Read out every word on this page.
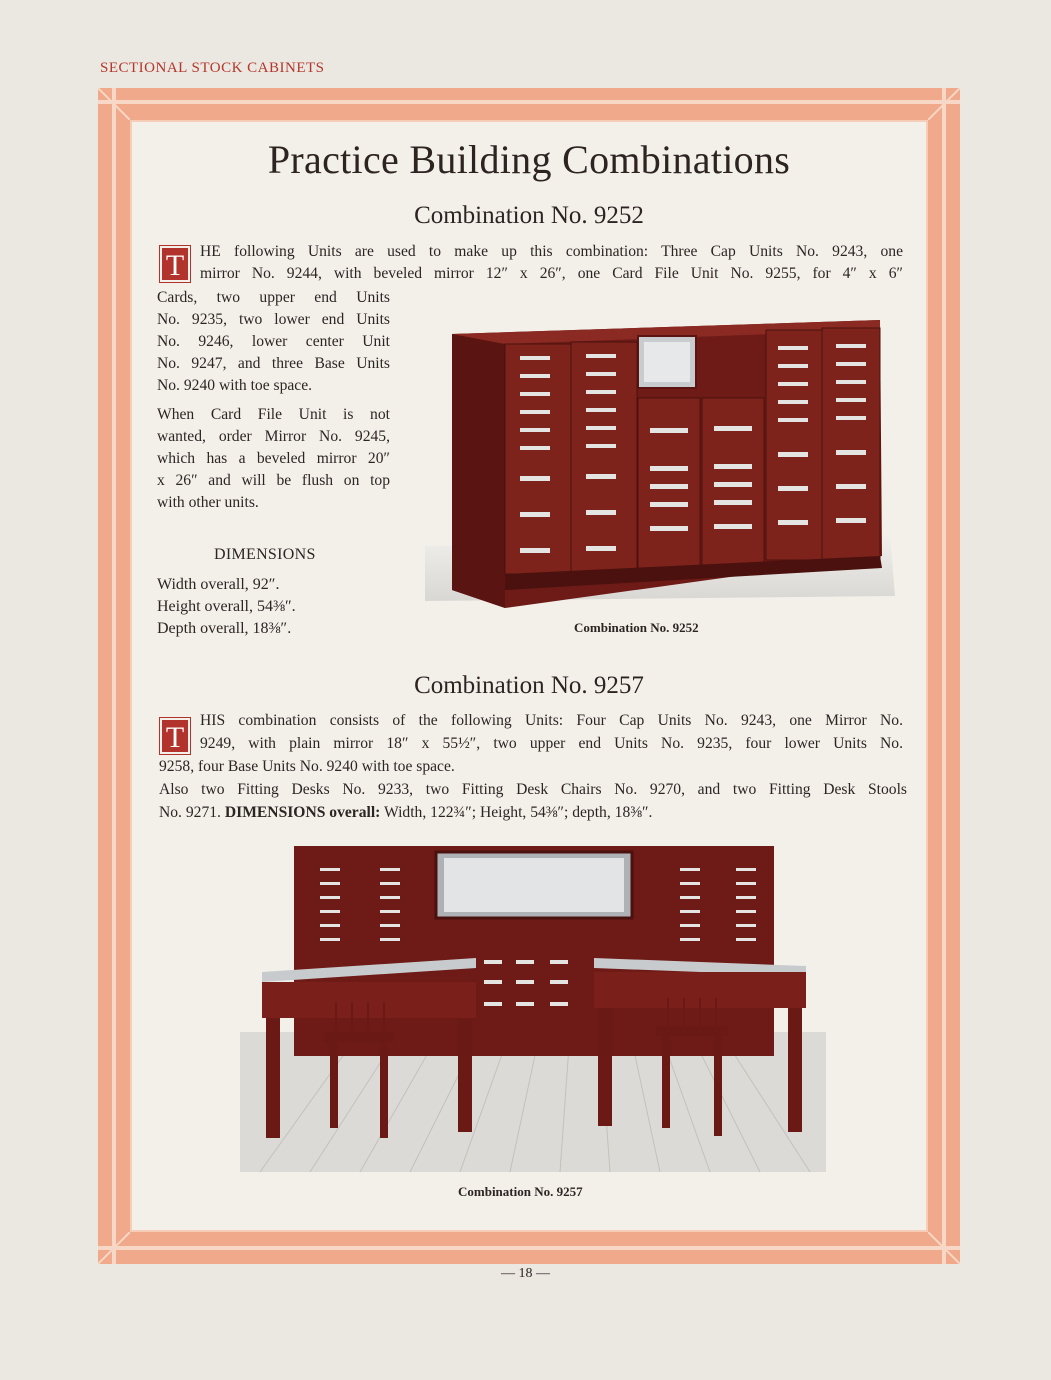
SECTIONAL STOCK CABINETS
Practice Building Combinations
Combination No. 9252
T	HE following Units are used to make up this combination: Three Cap Units No. 9243, one
mirror No. 9244, with beveled mirror 12″ x 26″, one Card File Unit No. 9255, for 4″ x 6″
Cards, two upper end Units
No. 9235, two lower end Units
No. 9246, lower center Unit
No. 9247, and three Base Units
No. 9240 with toe space.
When Card File Unit is not
wanted, order Mirror No. 9245,
which has a beveled mirror 20″
x 26″ and will be flush on top
with other units.
DIMENSIONS
Width overall, 92″.
Height overall, 54⅜″.
Depth overall, 18⅜″.	Combination No. 9252
Combination No. 9257
T
HIS combination consists of the following Units: Four Cap Units No. 9243, one Mirror No.
9249, with plain mirror 18″ x 55½″, two upper end Units No. 9235, four lower Units No.
9258, four Base Units No. 9240 with toe space.
Also two Fitting Desks No. 9233, two Fitting Desk Chairs No. 9270, and two Fitting Desk Stools
No. 9271. DIMENSIONS overall: Width, 122¾″; Height, 54⅜″; depth, 18⅜″.
Combination No. 9257
— 18 —
